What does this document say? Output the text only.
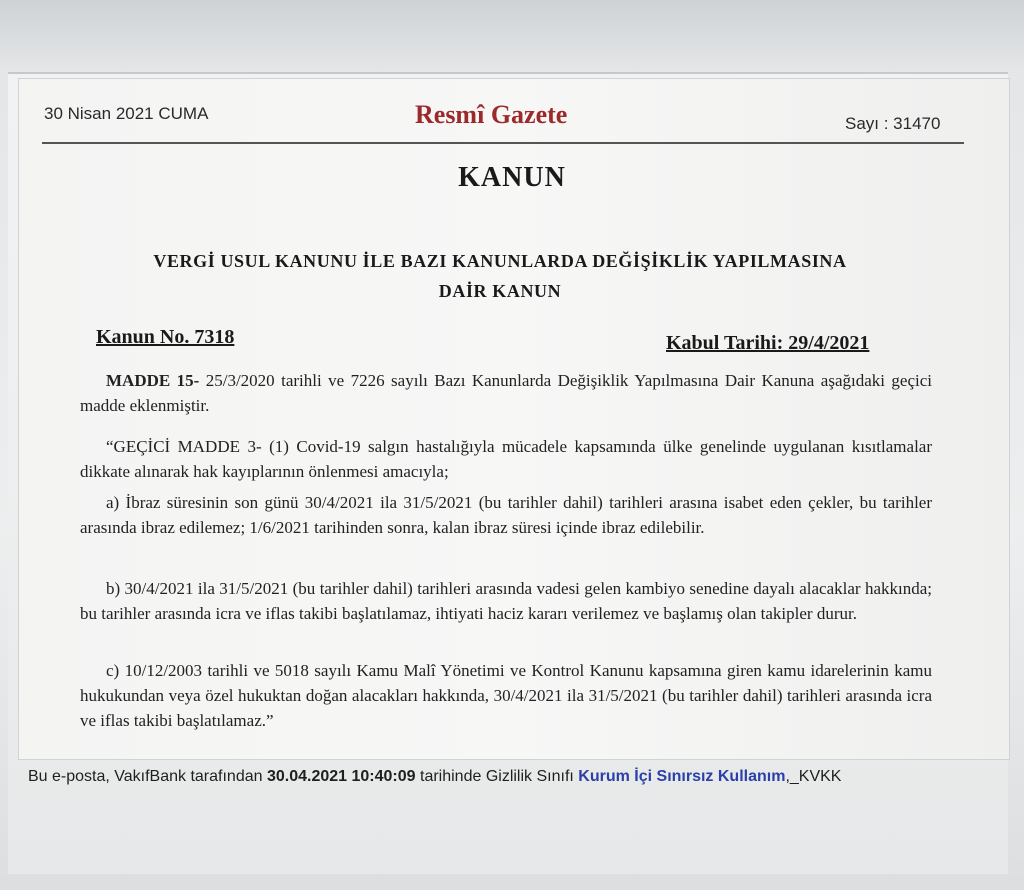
30 Nisan 2021 CUMA	Resmî Gazete	Sayı : 31470
KANUN
VERGİ USUL KANUNU İLE BAZI KANUNLARDA DEĞİŞİKLİK YAPILMASINA
DAİR KANUN
Kanun No. 7318	Kabul Tarihi: 29/4/2021
MADDE 15- 25/3/2020 tarihli ve 7226 sayılı Bazı Kanunlarda Değişiklik Yapılmasına Dair Kanuna aşağıdaki geçici madde eklenmiştir.
“GEÇİCİ MADDE 3- (1) Covid-19 salgın hastalığıyla mücadele kapsamında ülke genelinde uygulanan kısıtlamalar dikkate alınarak hak kayıplarının önlenmesi amacıyla;
a) İbraz süresinin son günü 30/4/2021 ila 31/5/2021 (bu tarihler dahil) tarihleri arasına isabet eden çekler, bu tarihler arasında ibraz edilemez; 1/6/2021 tarihinden sonra, kalan ibraz süresi içinde ibraz edilebilir.
b) 30/4/2021 ila 31/5/2021 (bu tarihler dahil) tarihleri arasında vadesi gelen kambiyo senedine dayalı alacaklar hakkında; bu tarihler arasında icra ve iflas takibi başlatılamaz, ihtiyati haciz kararı verilemez ve başlamış olan takipler durur.
c) 10/12/2003 tarihli ve 5018 sayılı Kamu Malî Yönetimi ve Kontrol Kanunu kapsamına giren kamu idarelerinin kamu hukukundan veya özel hukuktan doğan alacakları hakkında, 30/4/2021 ila 31/5/2021 (bu tarihler dahil) tarihleri arasında icra ve iflas takibi başlatılamaz.”
Bu e-posta, VakıfBank tarafından 30.04.2021 10:40:09 tarihinde Gizlilik Sınıfı Kurum İçi Sınırsız Kullanım,_KVKK
